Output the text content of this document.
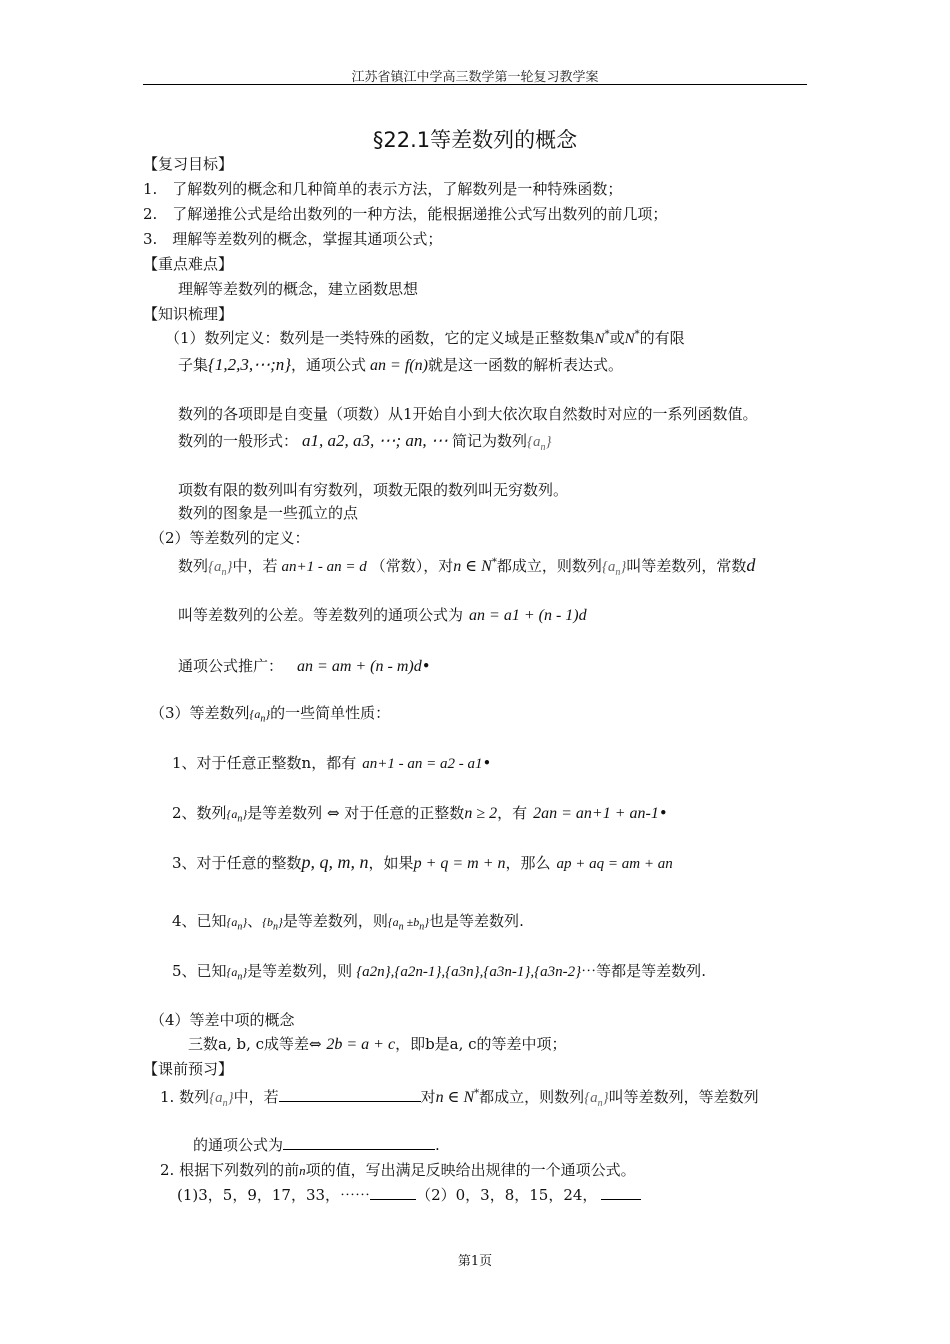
江苏省镇江中学高三数学第一轮复习教学案
§22.1等差数列的概念
【复习目标】
1.　了解数列的概念和几种简单的表示方法，了解数列是一种特殊函数；
2.　了解递推公式是给出数列的一种方法，能根据递推公式写出数列的前几项；
3.　理解等差数列的概念，掌握其通项公式；
【重点难点】
理解等差数列的概念，建立函数思想
【知识梳理】
（1）数列定义：数列是一类特殊的函数，它的定义域是正整数集N*或N*的有限
子集{1,2,3,⋯;n}，通项公式 an = f(n)就是这一函数的解析表达式。
数列的各项即是自变量（项数）从1开始自小到大依次取自然数时对应的一系列函数值。
数列的一般形式： a1, a2, a3, ⋯; an, ⋯ 简记为数列$\{a_n\}$
项数有限的数列叫有穷数列，项数无限的数列叫无穷数列。
数列的图象是一些孤立的点
（2）等差数列的定义：
数列$\{a_n\}$中，若 an+1 - an = d （常数），对n ∈ N*都成立，则数列$\{a_n\}$叫等差数列，常数d
叫等差数列的公差。等差数列的通项公式为 an = a1 + (n - 1)d
通项公式推广： an = am + (n - m)d•
（3）等差数列$\{a_n\}$的一些简单性质：
1、对于任意正整数n，都有 an+1 - an = a2 - a1•
2、数列$\{a_n\}$是等差数列 ⇔ 对于任意的正整数n ≥ 2，有 2an = an+1 + an-1•
3、对于任意的整数p, q, m, n，如果p + q = m + n，那么 ap + aq = am + an
4、已知$\{a_n\}$、$\{b_n\}$是等差数列，则$\{a_n \pm b_n\}$也是等差数列.
5、已知$\{a_n\}$是等差数列，则 {a2n},{a2n-1},{a3n},{a3n-1},{a3n-2}⋯等都是等差数列.
（4）等差中项的概念
三数a, b, c成等差⇔ 2b = a + c，即b是a, c的等差中项；
【课前预习】
1. 数列$\{a_n\}$中，若	对n ∈ N*都成立，则数列$\{a_n\}$叫等差数列，等差数列
的通项公式为	.
2. 根据下列数列的前n项的值，写出满足反映给出规律的一个通项公式。
(1)3，5，9，17，33，⋯⋯	（2）0，3，8，15，24，
第1页
